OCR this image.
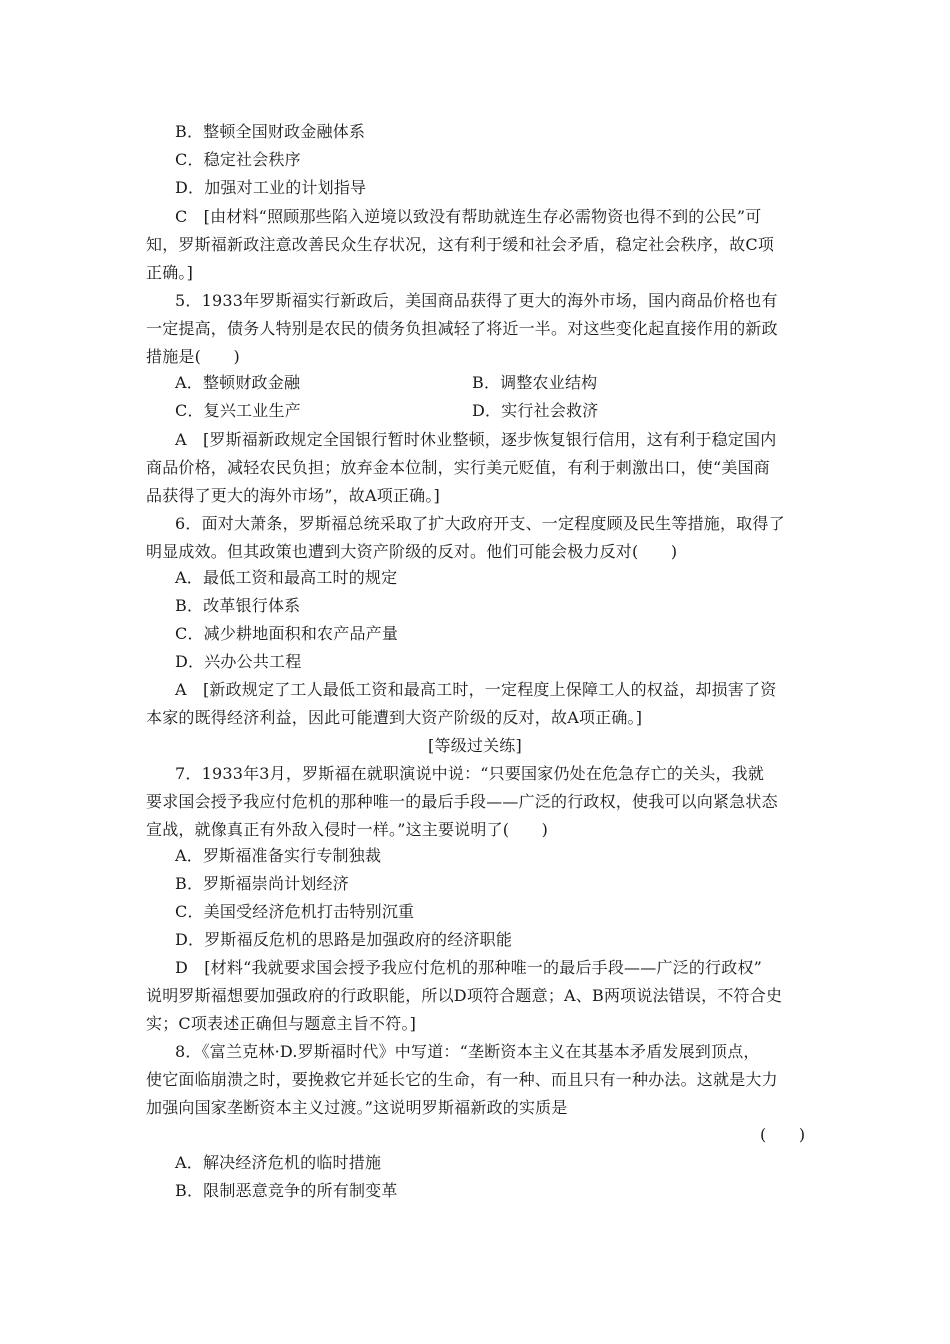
B．整顿全国财政金融体系
C．稳定社会秩序
D．加强对工业的计划指导
C　[由材料“照顾那些陷入逆境以致没有帮助就连生存必需物资也得不到的公民”可
知，罗斯福新政注意改善民众生存状况，这有利于缓和社会矛盾，稳定社会秩序，故C项
正确。]
5．1933年罗斯福实行新政后，美国商品获得了更大的海外市场，国内商品价格也有
一定提高，债务人特别是农民的债务负担减轻了将近一半。对这些变化起直接作用的新政
措施是(　　)
A．整顿财政金融	B．调整农业结构
C．复兴工业生产	D．实行社会救济
A　[罗斯福新政规定全国银行暂时休业整顿，逐步恢复银行信用，这有利于稳定国内
商品价格，减轻农民负担；放弃金本位制，实行美元贬值，有利于刺激出口，使“美国商
品获得了更大的海外市场”，故A项正确。]
6．面对大萧条，罗斯福总统采取了扩大政府开支、一定程度顾及民生等措施，取得了
明显成效。但其政策也遭到大资产阶级的反对。他们可能会极力反对(　　)
A．最低工资和最高工时的规定
B．改革银行体系
C．减少耕地面积和农产品产量
D．兴办公共工程
A　[新政规定了工人最低工资和最高工时，一定程度上保障工人的权益，却损害了资
本家的既得经济利益，因此可能遭到大资产阶级的反对，故A项正确。]
[等级过关练]
7．1933年3月，罗斯福在就职演说中说：“只要国家仍处在危急存亡的关头，我就
要求国会授予我应付危机的那种唯一的最后手段——广泛的行政权，使我可以向紧急状态
宣战，就像真正有外敌入侵时一样。”这主要说明了(　　)
A．罗斯福准备实行专制独裁
B．罗斯福崇尚计划经济
C．美国受经济危机打击特别沉重
D．罗斯福反危机的思路是加强政府的经济职能
D　[材料“我就要求国会授予我应付危机的那种唯一的最后手段——广泛的行政权”
说明罗斯福想要加强政府的行政职能，所以D项符合题意；A、B两项说法错误，不符合史
实；C项表述正确但与题意主旨不符。]
8．《富兰克林·D.罗斯福时代》中写道：“垄断资本主义在其基本矛盾发展到顶点，
使它面临崩溃之时，要挽救它并延长它的生命，有一种、而且只有一种办法。这就是大力
加强向国家垄断资本主义过渡。”这说明罗斯福新政的实质是
(　　)
A．解决经济危机的临时措施
B．限制恶意竞争的所有制变革
